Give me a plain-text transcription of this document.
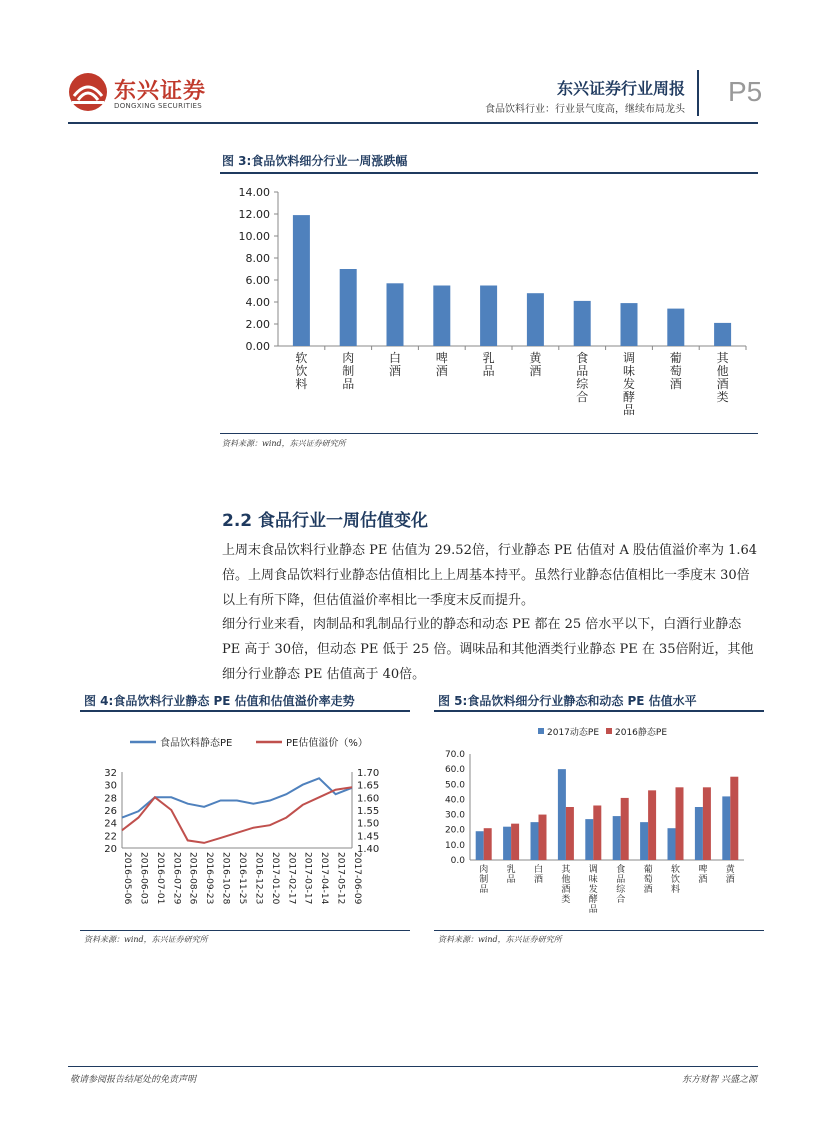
东兴证券
DONGXING SECURITIES
东兴证券行业周报
食品饮料行业：行业景气度高，继续布局龙头
P5
图 3:食品饮料细分行业一周涨跌幅
0.00
2.00
4.00
6.00
8.00
10.00
12.00
14.00
软饮料
肉制品
白酒
啤酒
乳品
黄酒
食品综合
调味发酵品
葡萄酒
其他酒类
资料来源：wind，东兴证券研究所
2.2 食品行业一周估值变化
上周末食品饮料行业静态 PE 估值为 29.52倍，行业静态 PE 估值对 A 股估值溢价率为 1.64 倍。上周食品饮料行业静态估值相比上上周基本持平。虽然行业静态估值相比一季度末 30倍以上有所下降，但估值溢价率相比一季度末反而提升。
细分行业来看，肉制品和乳制品行业的静态和动态 PE 都在 25 倍水平以下，白酒行业静态 PE 高于 30倍，但动态 PE 低于 25 倍。调味品和其他酒类行业静态 PE 在 35倍附近，其他细分行业静态 PE 估值高于 40倍。
图 4:食品饮料行业静态 PE 估值和估值溢价率走势
食品饮料静态PE	PE估值溢价（%）
20
22
24
26
28
30
32
1.40
1.45
1.50
1.55
1.60
1.65
1.70
2016-05-06 2016-06-03 2016-07-01 2016-07-29 2016-08-26 2016-09-23 2016-10-28 2016-11-25 2016-12-23 2017-01-20 2017-02-17 2017-03-17 2017-04-14 2017-05-12 2017-06-09
资料来源：wind，东兴证券研究所
图 5:食品饮料细分行业静态和动态 PE 估值水平
2017动态PE 2016静态PE
0.0
10.0
20.0
30.0
40.0
50.0
60.0
70.0
肉制品
乳品
白酒
其他酒类
调味发酵品
食品综合
葡萄酒
软饮料
啤酒
黄酒
资料来源：wind，东兴证券研究所
敬请参阅报告结尾处的免责声明	东方财智 兴盛之源
